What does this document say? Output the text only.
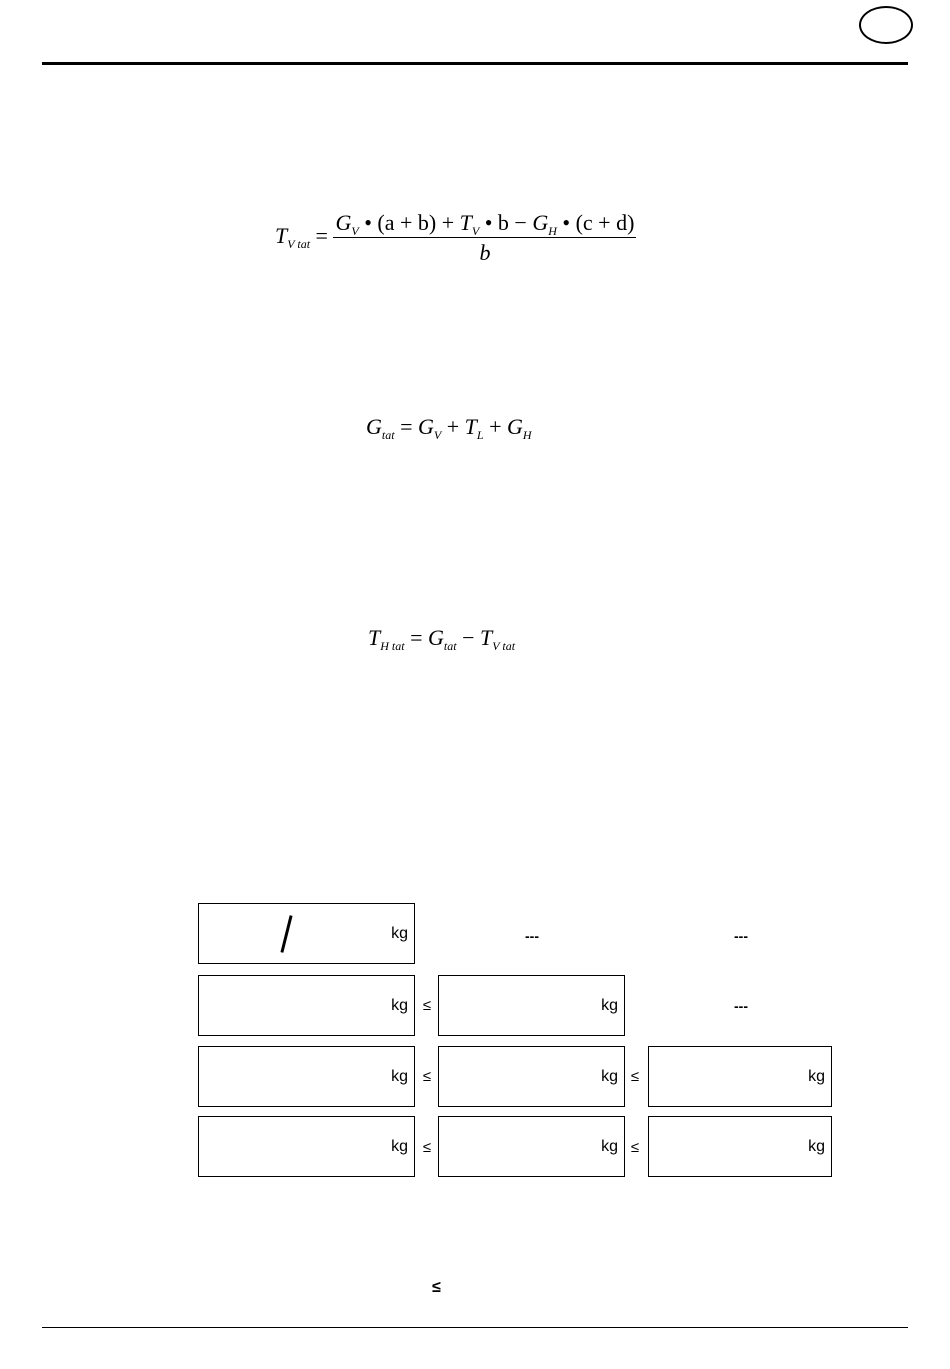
$T_{V tat} = \frac{G_V • (a + b) + T_V • b - G_H • (c + d)}{b}$
$G_{tat} = G_V + T_L + G_H$
$T_{H tat} = G_{tat} - T_{V tat}$
kg	---	---
kg ≤	kg	---
kg ≤	kg ≤	kg
kg ≤	kg ≤	kg
≤
